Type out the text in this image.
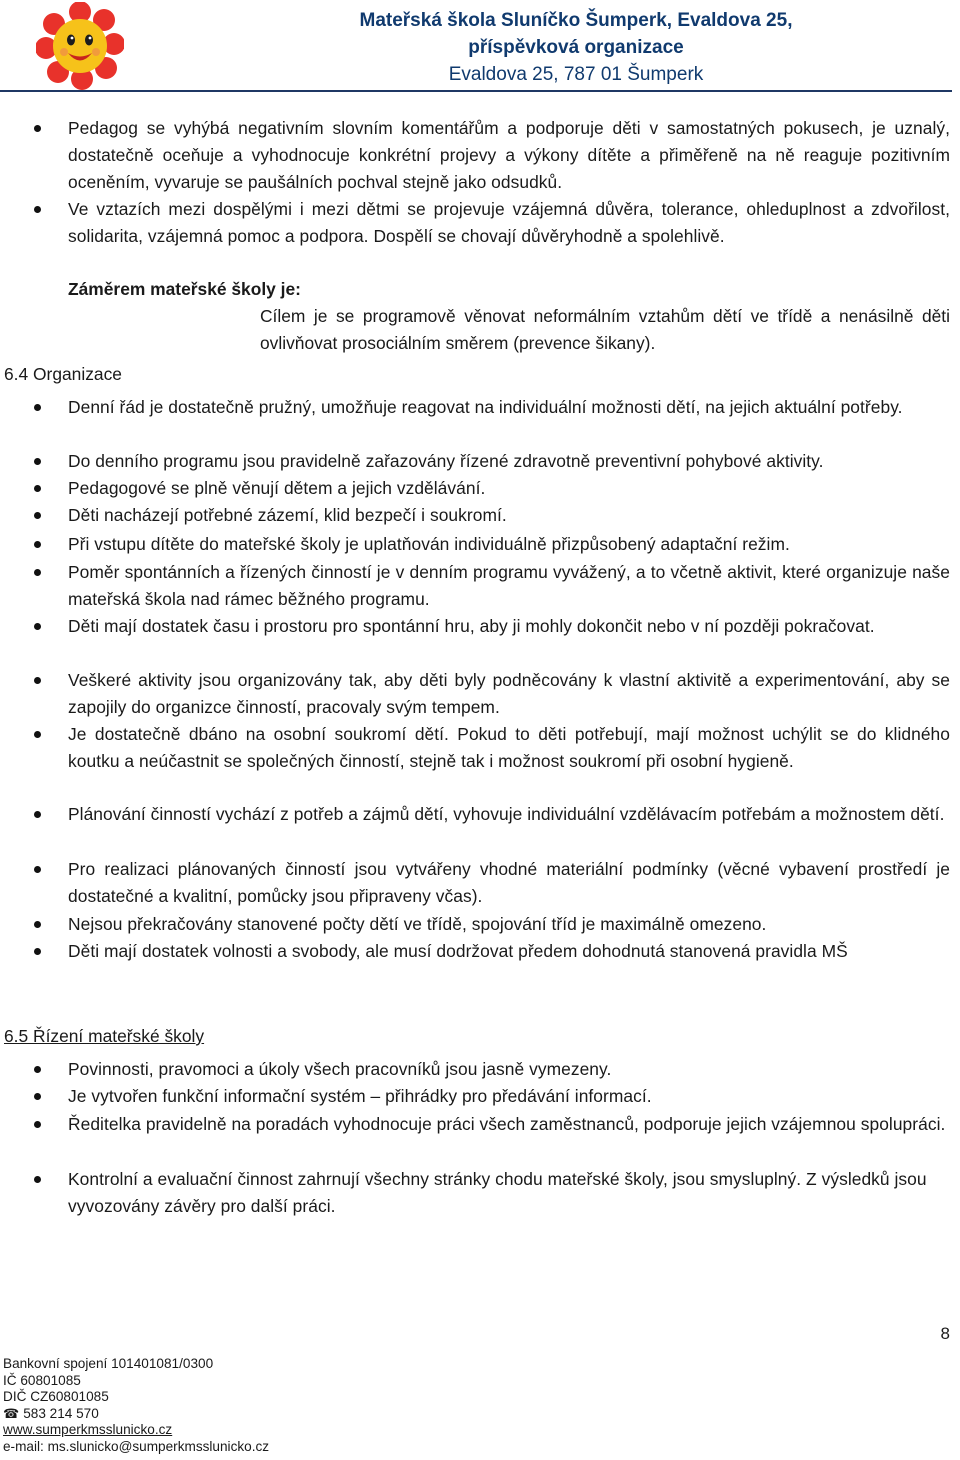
Mateřská škola Sluníčko Šumperk, Evaldova 25,
příspěvková organizace
Evaldova 25, 787 01 Šumperk
Pedagog se vyhýbá negativním slovním komentářům a podporuje děti v samostatných pokusech, je uznalý, dostatečně oceňuje a vyhodnocuje konkrétní projevy a výkony dítěte a přiměřeně na ně reaguje pozitivním oceněním, vyvaruje se paušálních pochval stejně jako odsudků.
Ve vztazích mezi dospělými i mezi dětmi se projevuje vzájemná důvěra, tolerance, ohleduplnost a zdvořilost, solidarita, vzájemná pomoc a podpora. Dospělí se chovají důvěryhodně a spolehlivě.
Záměrem mateřské školy je:
Cílem je se programově věnovat neformálním vztahům dětí ve třídě a nenásilně děti ovlivňovat prosociálním směrem (prevence šikany).
6.4 Organizace
Denní řád je dostatečně pružný, umožňuje reagovat na individuální možnosti dětí, na jejich aktuální potřeby.
Do denního programu jsou pravidelně zařazovány řízené zdravotně preventivní pohybové aktivity.
Pedagogové se plně věnují dětem a jejich vzdělávání.
Děti nacházejí potřebné zázemí, klid bezpečí i soukromí.
Při vstupu dítěte do mateřské školy je uplatňován individuálně přizpůsobený adaptační režim.
Poměr spontánních a řízených činností je v denním programu vyvážený, a to včetně aktivit, které organizuje naše mateřská škola nad rámec běžného programu.
Děti mají dostatek času i prostoru pro spontánní hru, aby ji mohly dokončit nebo v ní později pokračovat.
Veškeré aktivity jsou organizovány tak, aby děti byly podněcovány k vlastní aktivitě a experimentování, aby se zapojily do organizce činností, pracovaly svým tempem.
Je dostatečně dbáno na osobní soukromí dětí. Pokud to děti potřebují, mají možnost uchýlit se do klidného koutku a neúčastnit se společných činností, stejně tak i možnost soukromí při osobní hygieně.
Plánování činností vychází z potřeb a zájmů dětí, vyhovuje individuální vzdělávacím potřebám a možnostem dětí.
Pro realizaci plánovaných činností jsou vytvářeny vhodné materiální podmínky (věcné vybavení prostředí je dostatečné a kvalitní, pomůcky jsou připraveny včas).
Nejsou překračovány stanovené počty dětí ve třídě, spojování tříd je maximálně omezeno.
Děti mají dostatek volnosti a svobody, ale musí dodržovat předem dohodnutá stanovená pravidla MŠ
6.5 Řízení mateřské školy
Povinnosti, pravomoci a úkoly všech pracovníků jsou jasně vymezeny.
Je vytvořen funkční informační systém – přihrádky pro předávání informací.
Ředitelka pravidelně na poradách vyhodnocuje práci všech zaměstnanců, podporuje jejich vzájemnou spolupráci.
Kontrolní a evaluační činnost zahrnují všechny stránky chodu mateřské školy, jsou smysluplný. Z výsledků jsou vyvozovány závěry pro další práci.
8
Bankovní spojení 101401081/0300
IČ 60801085
DIČ CZ60801085
☎ 583 214 570
www.sumperkmsslunicko.cz
e-mail: ms.slunicko@sumperkmsslunicko.cz
